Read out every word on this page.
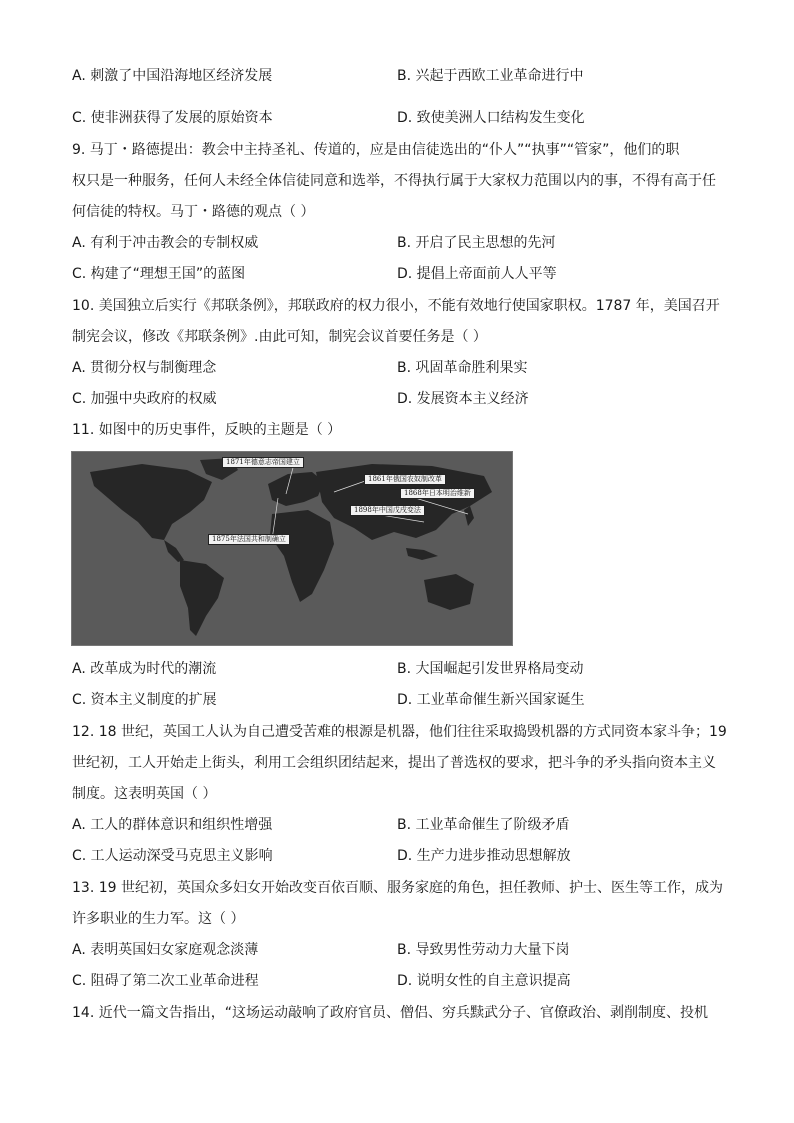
A. 刺激了中国沿海地区经济发展	B. 兴起于西欧工业革命进行中
C. 使非洲获得了发展的原始资本	D. 致使美洲人口结构发生变化
9. 马丁・路德提出：教会中主持圣礼、传道的，应是由信徒选出的“仆人”“执事”“管家”，他们的职
权只是一种服务，任何人未经全体信徒同意和选举，不得执行属于大家权力范围以内的事，不得有高于任
何信徒的特权。马丁・路德的观点（ ）
A. 有利于冲击教会的专制权威	B. 开启了民主思想的先河
C. 构建了“理想王国”的蓝图	D. 提倡上帝面前人人平等
10. 美国独立后实行《邦联条例》，邦联政府的权力很小，不能有效地行使国家职权。1787 年，美国召开
制宪会议，修改《邦联条例》.由此可知，制宪会议首要任务是（ ）
A. 贯彻分权与制衡理念	B. 巩固革命胜利果实
C. 加强中央政府的权威	D. 发展资本主义经济
11. 如图中的历史事件，反映的主题是（ ）
1871年德意志帝国建立
1861年俄国农奴制改革
1868年日本明治维新
1898年中国戊戌变法
1875年法国共和制确立
A. 改革成为时代的潮流	B. 大国崛起引发世界格局变动
C. 资本主义制度的扩展	D. 工业革命催生新兴国家诞生
12. 18 世纪，英国工人认为自己遭受苦难的根源是机器，他们往往采取捣毁机器的方式同资本家斗争；19
世纪初，工人开始走上街头，利用工会组织团结起来，提出了普选权的要求，把斗争的矛头指向资本主义
制度。这表明英国（ ）
A. 工人的群体意识和组织性增强	B. 工业革命催生了阶级矛盾
C. 工人运动深受马克思主义影响	D. 生产力进步推动思想解放
13. 19 世纪初，英国众多妇女开始改变百依百顺、服务家庭的角色，担任教师、护士、医生等工作，成为
许多职业的生力军。这（ ）
A. 表明英国妇女家庭观念淡薄	B. 导致男性劳动力大量下岗
C. 阻碍了第二次工业革命进程	D. 说明女性的自主意识提高
14. 近代一篇文告指出，“这场运动敲响了政府官员、僧侣、穷兵黩武分子、官僚政治、剥削制度、投机
